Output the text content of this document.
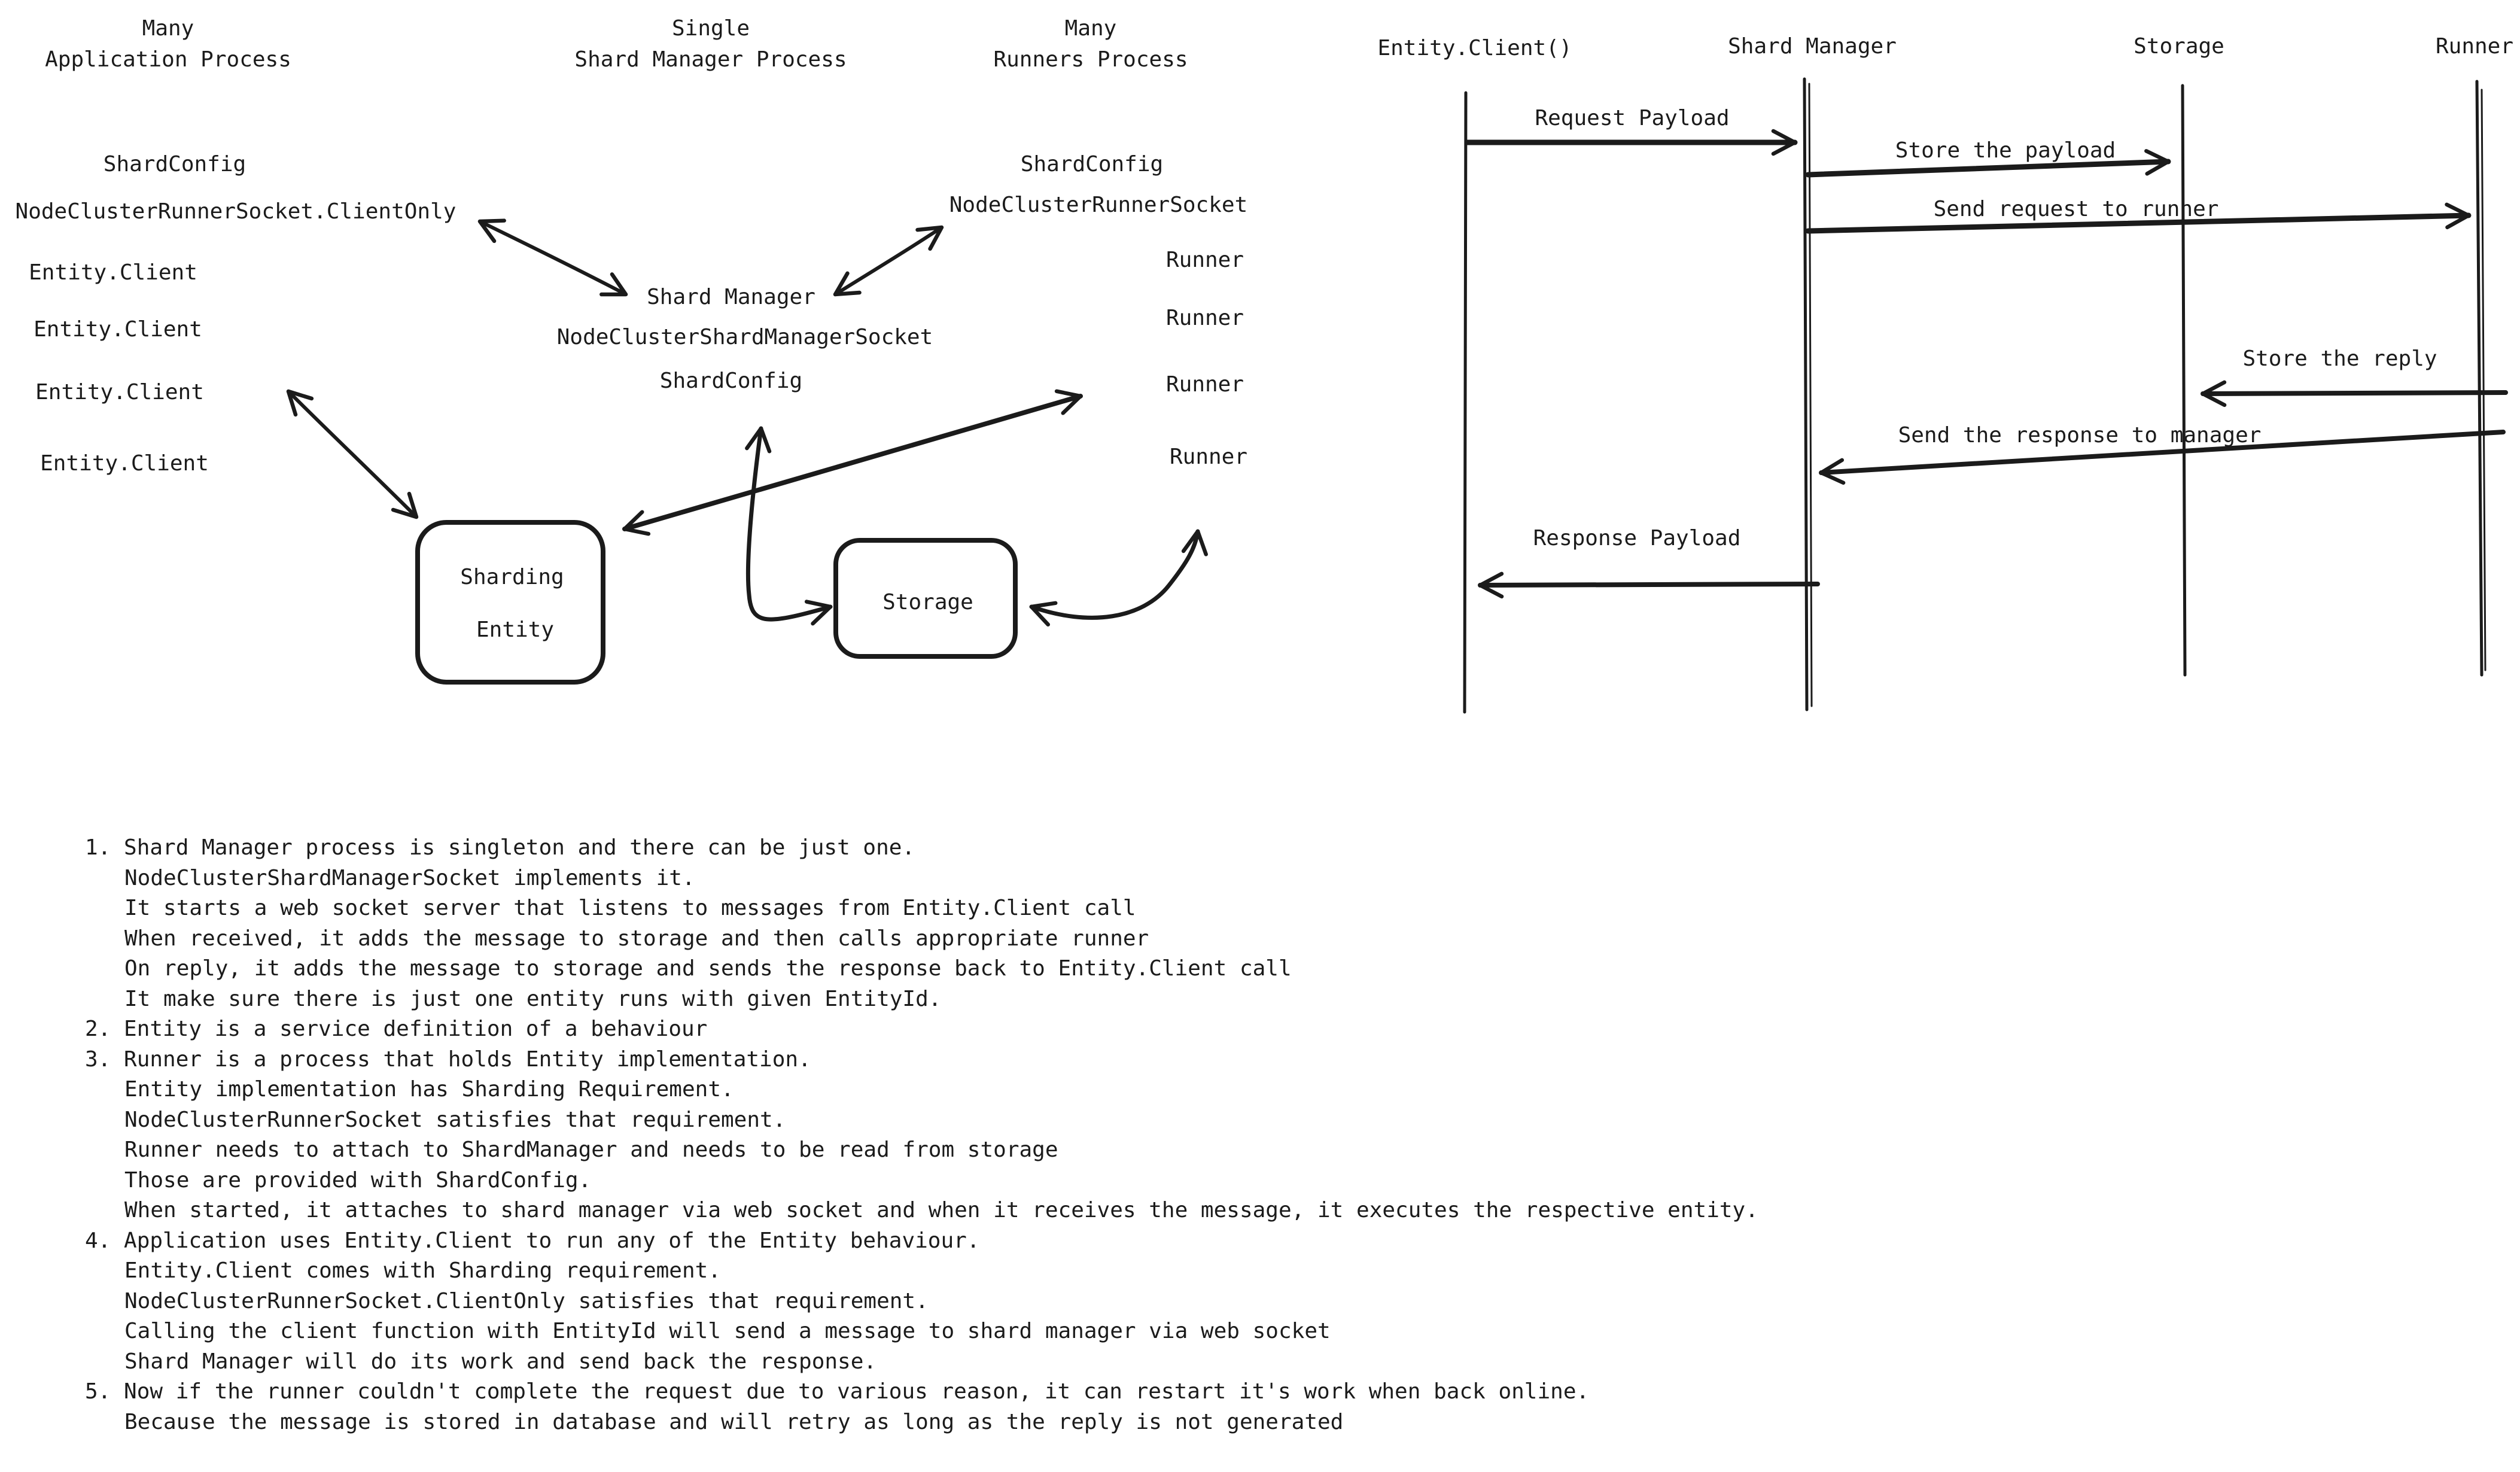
Many
Application Process
Single
Shard Manager Process
Many
Runners Process
ShardConfig
NodeClusterRunnerSocket.ClientOnly
Entity.Client
Entity.Client
Entity.Client
Entity.Client
Shard Manager
NodeClusterShardManagerSocket
ShardConfig
ShardConfig
NodeClusterRunnerSocket
Runner
Runner
Runner
Runner
Sharding
Entity
Storage
Entity.Client()	Shard Manager	Storage	Runner
Request Payload
Store the payload
Send request to runner
Store the reply
Send the response to manager
Response Payload
1. Shard Manager process is singleton and there can be just one.
NodeClusterShardManagerSocket implements it.
It starts a web socket server that listens to messages from Entity.Client call
When received, it adds the message to storage and then calls appropriate runner
On reply, it adds the message to storage and sends the response back to Entity.Client call
It make sure there is just one entity runs with given EntityId.
2. Entity is a service definition of a behaviour
3. Runner is a process that holds Entity implementation.
Entity implementation has Sharding Requirement.
NodeClusterRunnerSocket satisfies that requirement.
Runner needs to attach to ShardManager and needs to be read from storage
Those are provided with ShardConfig.
When started, it attaches to shard manager via web socket and when it receives the message, it executes the respective entity.
4. Application uses Entity.Client to run any of the Entity behaviour.
Entity.Client comes with Sharding requirement.
NodeClusterRunnerSocket.ClientOnly satisfies that requirement.
Calling the client function with EntityId will send a message to shard manager via web socket
Shard Manager will do its work and send back the response.
5. Now if the runner couldn't complete the request due to various reason, it can restart it's work when back online.
Because the message is stored in database and will retry as long as the reply is not generated
